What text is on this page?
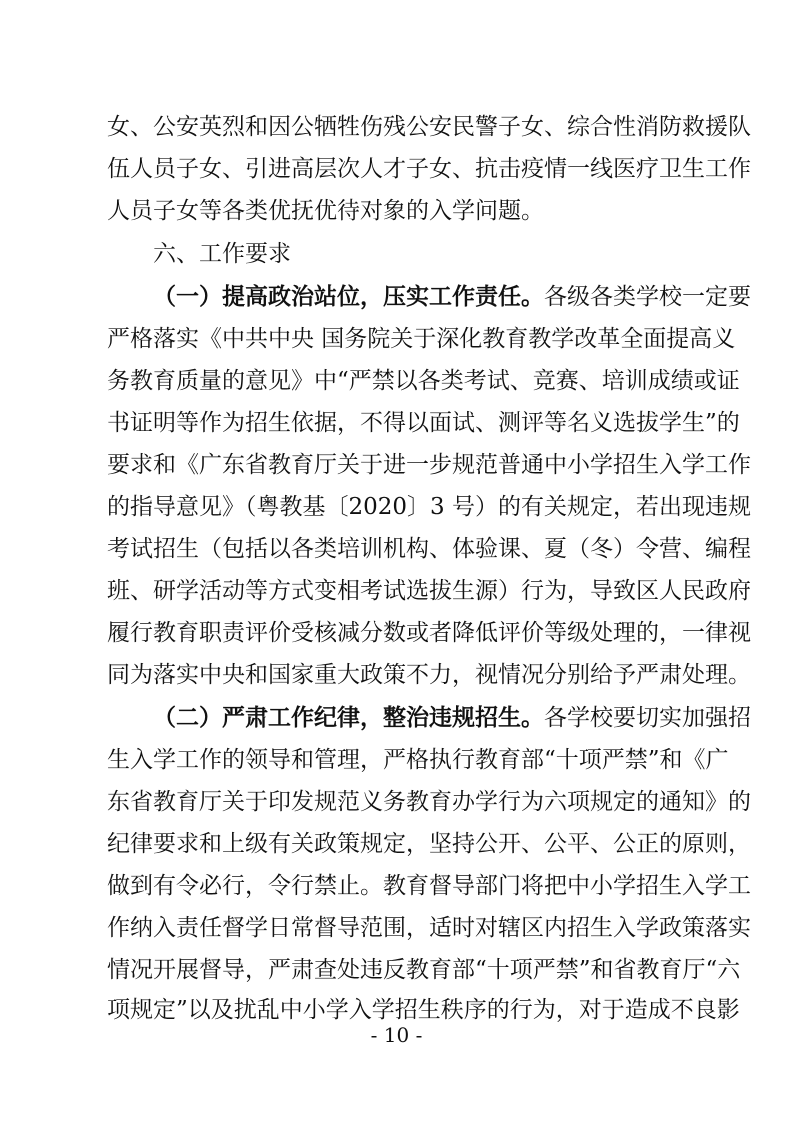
女、公安英烈和因公牺牲伤残公安民警子女、综合性消防救援队
伍人员子女、引进高层次人才子女、抗击疫情一线医疗卫生工作
人员子女等各类优抚优待对象的入学问题。
六、工作要求
（一）提高政治站位，压实工作责任。各级各类学校一定要
严格落实《中共中央 国务院关于深化教育教学改革全面提高义
务教育质量的意见》中“严禁以各类考试、竞赛、培训成绩或证
书证明等作为招生依据，不得以面试、测评等名义选拔学生”的
要求和《广东省教育厅关于进一步规范普通中小学招生入学工作
的指导意见》（粤教基〔2020〕3 号）的有关规定，若出现违规
考试招生（包括以各类培训机构、体验课、夏（冬）令营、编程
班、研学活动等方式变相考试选拔生源）行为，导致区人民政府
履行教育职责评价受核减分数或者降低评价等级处理的，一律视
同为落实中央和国家重大政策不力，视情况分别给予严肃处理。
（二）严肃工作纪律，整治违规招生。各学校要切实加强招
生入学工作的领导和管理，严格执行教育部“十项严禁”和《广
东省教育厅关于印发规范义务教育办学行为六项规定的通知》的
纪律要求和上级有关政策规定，坚持公开、公平、公正的原则，
做到有令必行，令行禁止。教育督导部门将把中小学招生入学工
作纳入责任督学日常督导范围，适时对辖区内招生入学政策落实
情况开展督导，严肃查处违反教育部“十项严禁”和省教育厅“六
项规定”以及扰乱中小学入学招生秩序的行为，对于造成不良影
- 10 -
